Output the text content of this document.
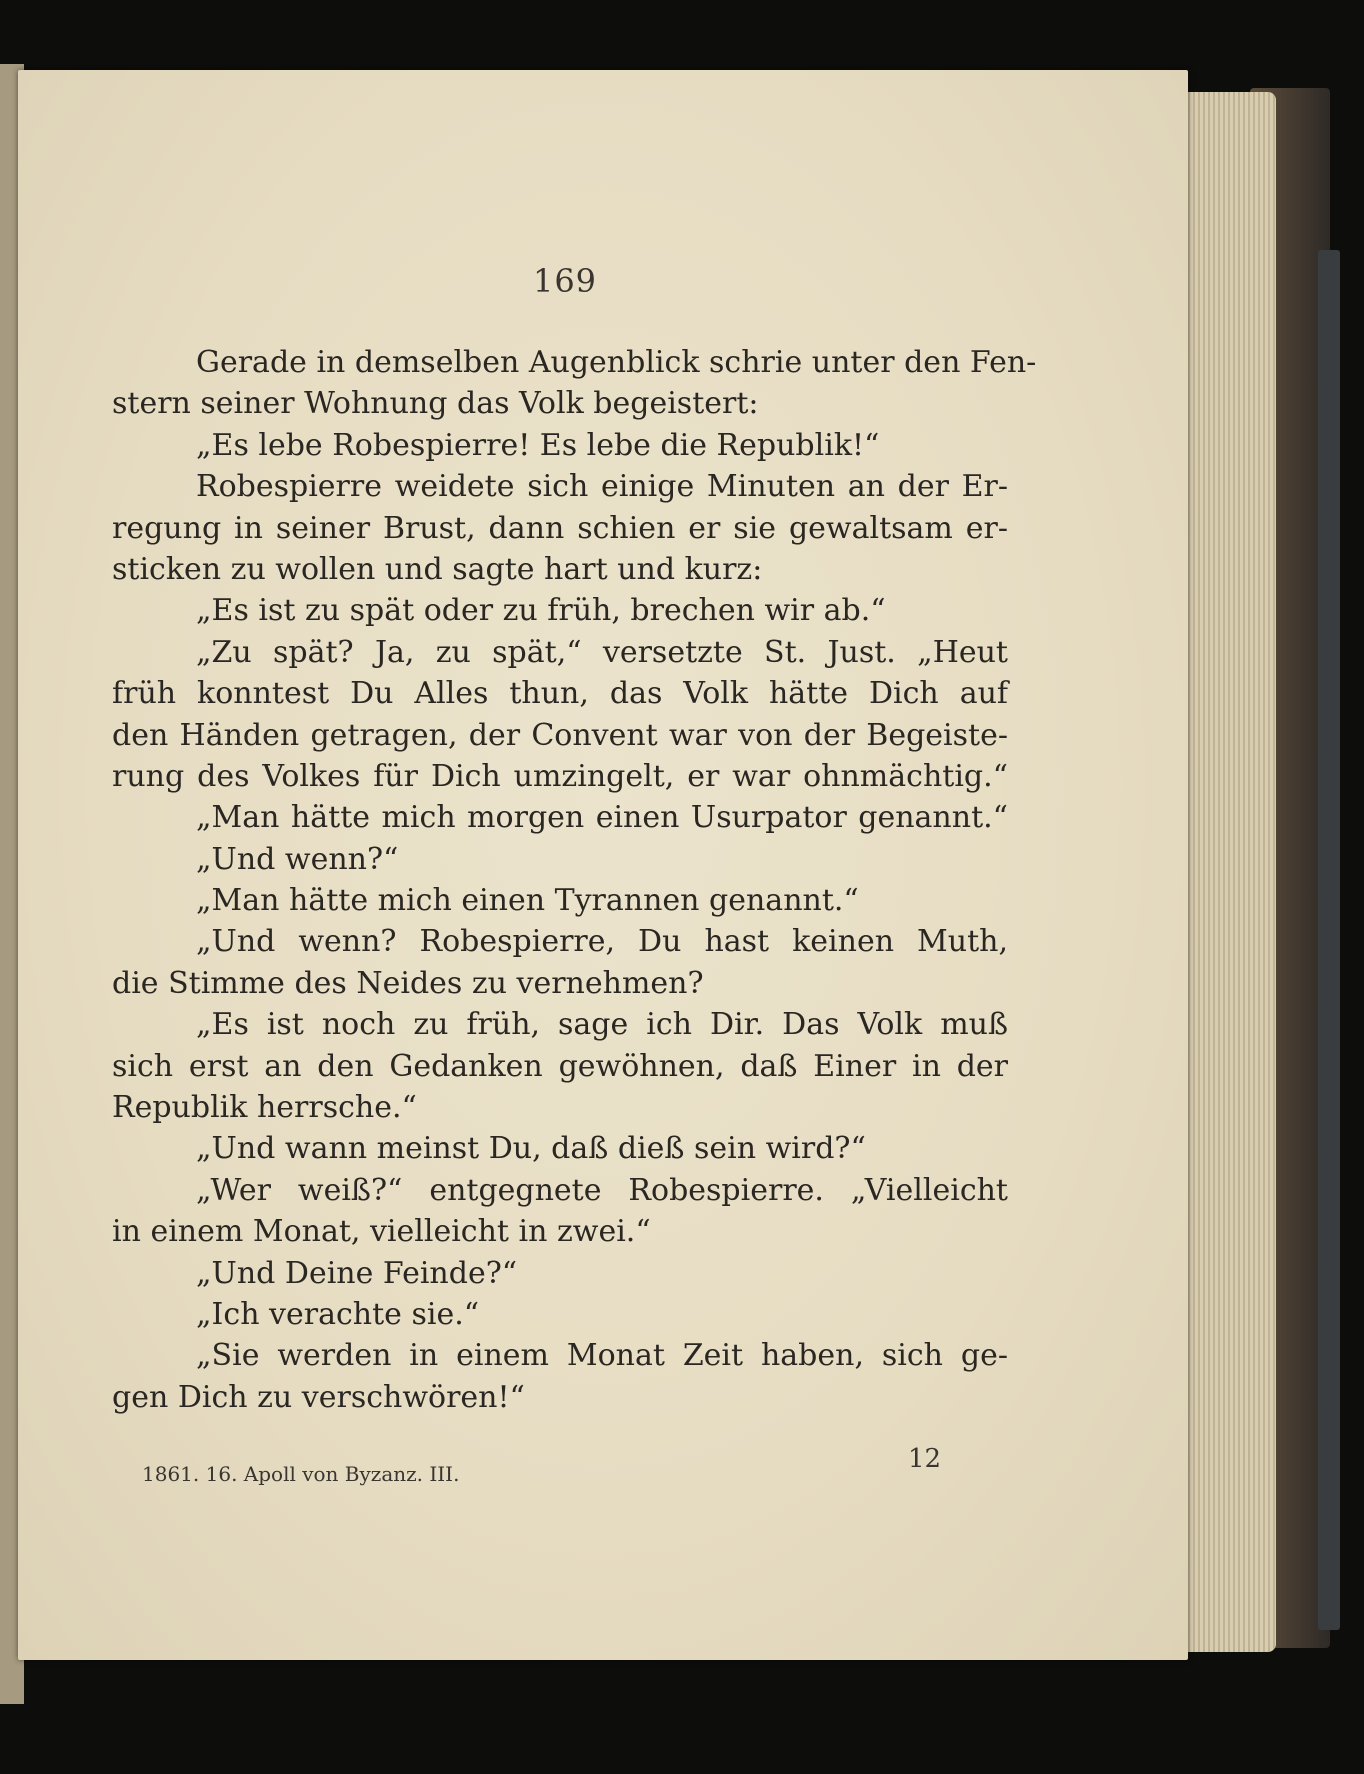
169
Gerade in demselben Augenblick schrie unter den Fen-
stern seiner Wohnung das Volk begeistert:
„Es lebe Robespierre! Es lebe die Republik!“
Robespierre weidete sich einige Minuten an der Er-
regung in seiner Brust, dann schien er sie gewaltsam er-
sticken zu wollen und sagte hart und kurz:
„Es ist zu spät oder zu früh, brechen wir ab.“
„Zu spät? Ja, zu spät,“ versetzte St. Just. „Heut
früh konntest Du Alles thun, das Volk hätte Dich auf
den Händen getragen, der Convent war von der Begeiste-
rung des Volkes für Dich umzingelt, er war ohnmächtig.“
„Man hätte mich morgen einen Usurpator genannt.“
„Und wenn?“
„Man hätte mich einen Tyrannen genannt.“
„Und wenn? Robespierre, Du hast keinen Muth,
die Stimme des Neides zu vernehmen?
„Es ist noch zu früh, sage ich Dir. Das Volk muß
sich erst an den Gedanken gewöhnen, daß Einer in der
Republik herrsche.“
„Und wann meinst Du, daß dieß sein wird?“
„Wer weiß?“ entgegnete Robespierre. „Vielleicht
in einem Monat, vielleicht in zwei.“
„Und Deine Feinde?“
„Ich verachte sie.“
„Sie werden in einem Monat Zeit haben, sich ge-
gen Dich zu verschwören!“
1861. 16. Apoll von Byzanz. III.	12
